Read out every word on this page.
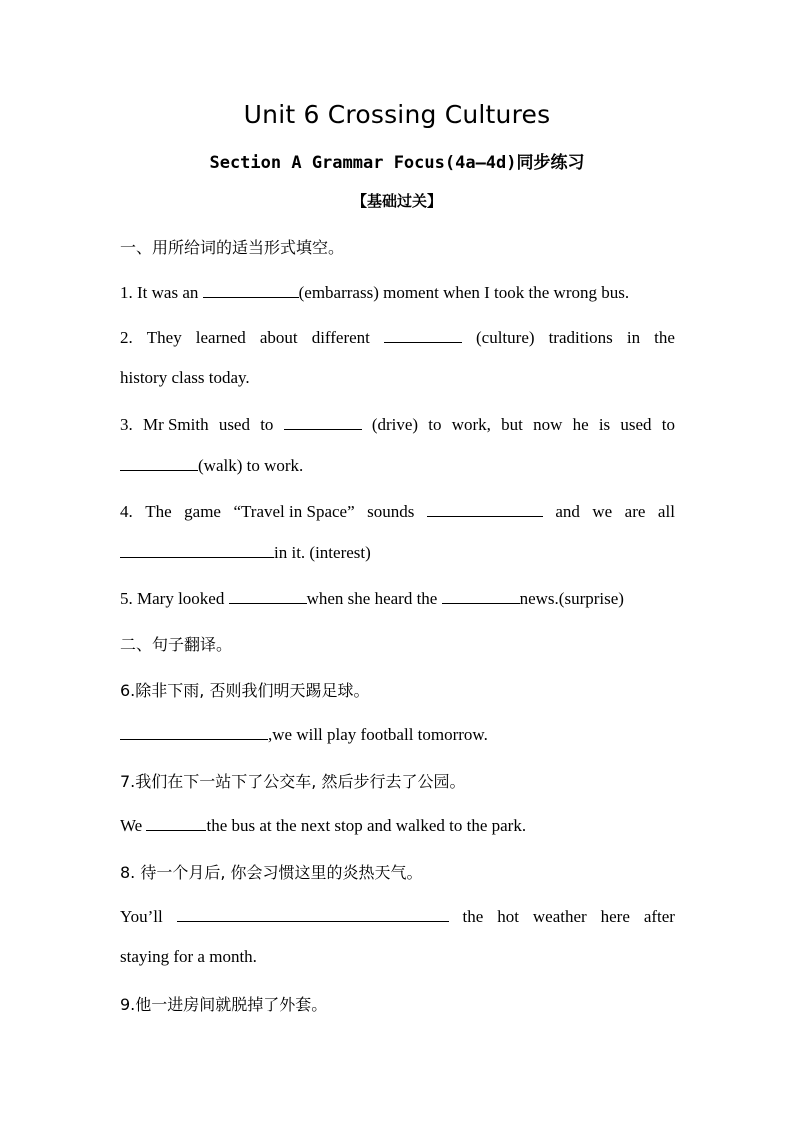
Unit 6 Crossing Cultures
Section A Grammar Focus(4a—4d)同步练习
【基础过关】
一、用所给词的适当形式填空。
1. It was an	(embarrass) moment when I took the wrong bus.
2. They learned about different	(culture) traditions in the
history class today.
3. Mr Smith used to	(drive) to work, but now he is used to
(walk) to work.
4. The game “Travel in Space” sounds	and we are all
in it. (interest)
5. Mary looked	when she heard the	news.(surprise)
二、句子翻译。
6.除非下雨, 否则我们明天踢足球。
,we will play football tomorrow.
7.我们在下一站下了公交车, 然后步行去了公园。
We	the bus at the next stop and walked to the park.
8. 待一个月后, 你会习惯这里的炎热天气。
You’ll	the hot weather here after
staying for a month.
9.他一进房间就脱掉了外套。
